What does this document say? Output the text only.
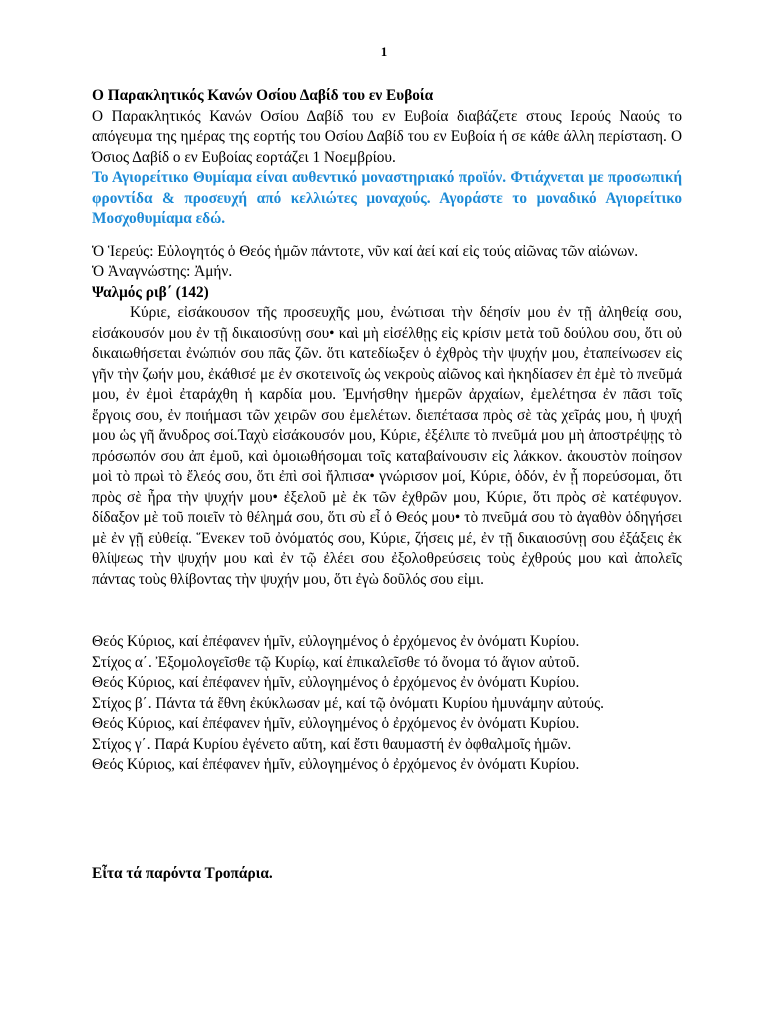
1

Ο Παρακλητικός Κανών Οσίου Δαβίδ του εν Ευβοία

Ο Παρακλητικός Κανών Οσίου Δαβίδ του εν Ευβοία διαβάζετε στους Ιερούς Ναούς το απόγευμα της ημέρας της εορτής του Οσίου Δαβίδ του εν Ευβοία ή σε κάθε άλλη περίσταση. Ο Όσιος Δαβίδ ο εν Ευβοίας εορτάζει 1 Νοεμβρίου.

Το Αγιορείτικο Θυμίαμα είναι αυθεντικό μοναστηριακό προϊόν. Φτιάχνεται με προσωπική φροντίδα & προσευχή από κελλιώτες μοναχούς. Αγοράστε το μοναδικό Αγιορείτικο Μοσχοθυμίαμα εδώ.

Ὁ Ἱερεύς: Εὐλογητός ὁ Θεός ἡμῶν πάντοτε, νῦν καί ἀεί καί εἰς τούς αἰῶνας τῶν αἰώνων.

Ὁ Ἀναγνώστης: Ἀμήν.

Ψαλμός ριβ΄ (142)

Κύριε, εἰσάκουσον τῆς προσευχῆς μου, ἐνώτισαι τὴν δέησίν μου ἐν τῇ ἀληθείᾳ σου, εἰσάκουσόν μου ἐν τῇ δικαιοσύνῃ σου• καὶ μὴ εἰσέλθῃς εἰς κρίσιν μετὰ τοῦ δούλου σου, ὅτι οὐ δικαιωθήσεται ἐνώπιόν σου πᾶς ζῶν. ὅτι κατεδίωξεν ὁ ἐχθρὸς τὴν ψυχήν μου, ἐταπείνωσεν εἰς γῆν τὴν ζωήν μου, ἐκάθισέ με ἐν σκοτεινοῖς ὡς νεκροὺς αἰῶνος καὶ ἠκηδίασεν ἐπ ἐμὲ τὸ πνεῦμά μου, ἐν ἐμοὶ ἐταράχθη ἡ καρδία μου. Ἐμνήσθην ἡμερῶν ἀρχαίων, ἐμελέτησα ἐν πᾶσι τοῖς ἔργοις σου, ἐν ποιήμασι τῶν χειρῶν σου ἐμελέτων. διεπέτασα πρὸς σὲ τὰς χεῖράς μου, ἡ ψυχή μου ὡς γῆ ἄνυδρος σοί.Ταχὺ εἰσάκουσόν μου, Κύριε, ἐξέλιπε τὸ πνεῦμά μου μὴ ἀποστρέψῃς τὸ πρόσωπόν σου ἀπ ἐμοῦ, καὶ ὁμοιωθήσομαι τοῖς καταβαίνουσιν εἰς λάκκον. ἀκουστὸν ποίησον μοὶ τὸ πρωὶ τὸ ἔλεός σου, ὅτι ἐπὶ σοὶ ἤλπισα• γνώρισον μοί, Κύριε, ὁδόν, ἐν ᾗ πορεύσομαι, ὅτι πρὸς σὲ ἦρα τὴν ψυχήν μου• ἐξελοῦ μὲ ἐκ τῶν ἐχθρῶν μου, Κύριε, ὅτι πρὸς σὲ κατέφυγον. δίδαξον μὲ τοῦ ποιεῖν τὸ θέλημά σου, ὅτι σὺ εἶ ὁ Θεός μου• τὸ πνεῦμά σου τὸ ἀγαθὸν ὁδηγήσει μὲ ἐν γῇ εὐθείᾳ. Ἕνεκεν τοῦ ὀνόματός σου, Κύριε, ζήσεις μέ, ἐν τῇ δικαιοσύνῃ σου ἐξάξεις ἐκ θλίψεως τὴν ψυχήν μου καὶ ἐν τῷ ἐλέει σου ἐξολοθρεύσεις τοὺς ἐχθρούς μου καὶ ἀπολεῖς πάντας τοὺς θλίβοντας τὴν ψυχήν μου, ὅτι ἐγὼ δοῦλός σου εἰμι.

Θεός Κύριος, καί ἐπέφανεν ἡμῖν, εὐλογημένος ὁ ἐρχόμενος ἐν ὀνόματι Κυρίου.

Στίχος α΄. Ἐξομολογεῖσθε τῷ Κυρίῳ, καί ἐπικαλεῖσθε τό ὄνομα τό ἅγιον αὐτοῦ.

Θεός Κύριος, καί ἐπέφανεν ἡμῖν, εὐλογημένος ὁ ἐρχόμενος ἐν ὀνόματι Κυρίου.

Στίχος β΄. Πάντα τά ἔθνη ἐκύκλωσαν μέ, καί τῷ ὀνόματι Κυρίου ἠμυνάμην αὐτούς.

Θεός Κύριος, καί ἐπέφανεν ἡμῖν, εὐλογημένος ὁ ἐρχόμενος ἐν ὀνόματι Κυρίου.

Στίχος γ΄. Παρά Κυρίου ἐγένετο αὕτη, καί ἔστι θαυμαστή ἐν ὀφθαλμοῖς ἡμῶν.

Θεός Κύριος, καί ἐπέφανεν ἡμῖν, εὐλογημένος ὁ ἐρχόμενος ἐν ὀνόματι Κυρίου.

Εἶτα τά παρόντα Τροπάρια.
